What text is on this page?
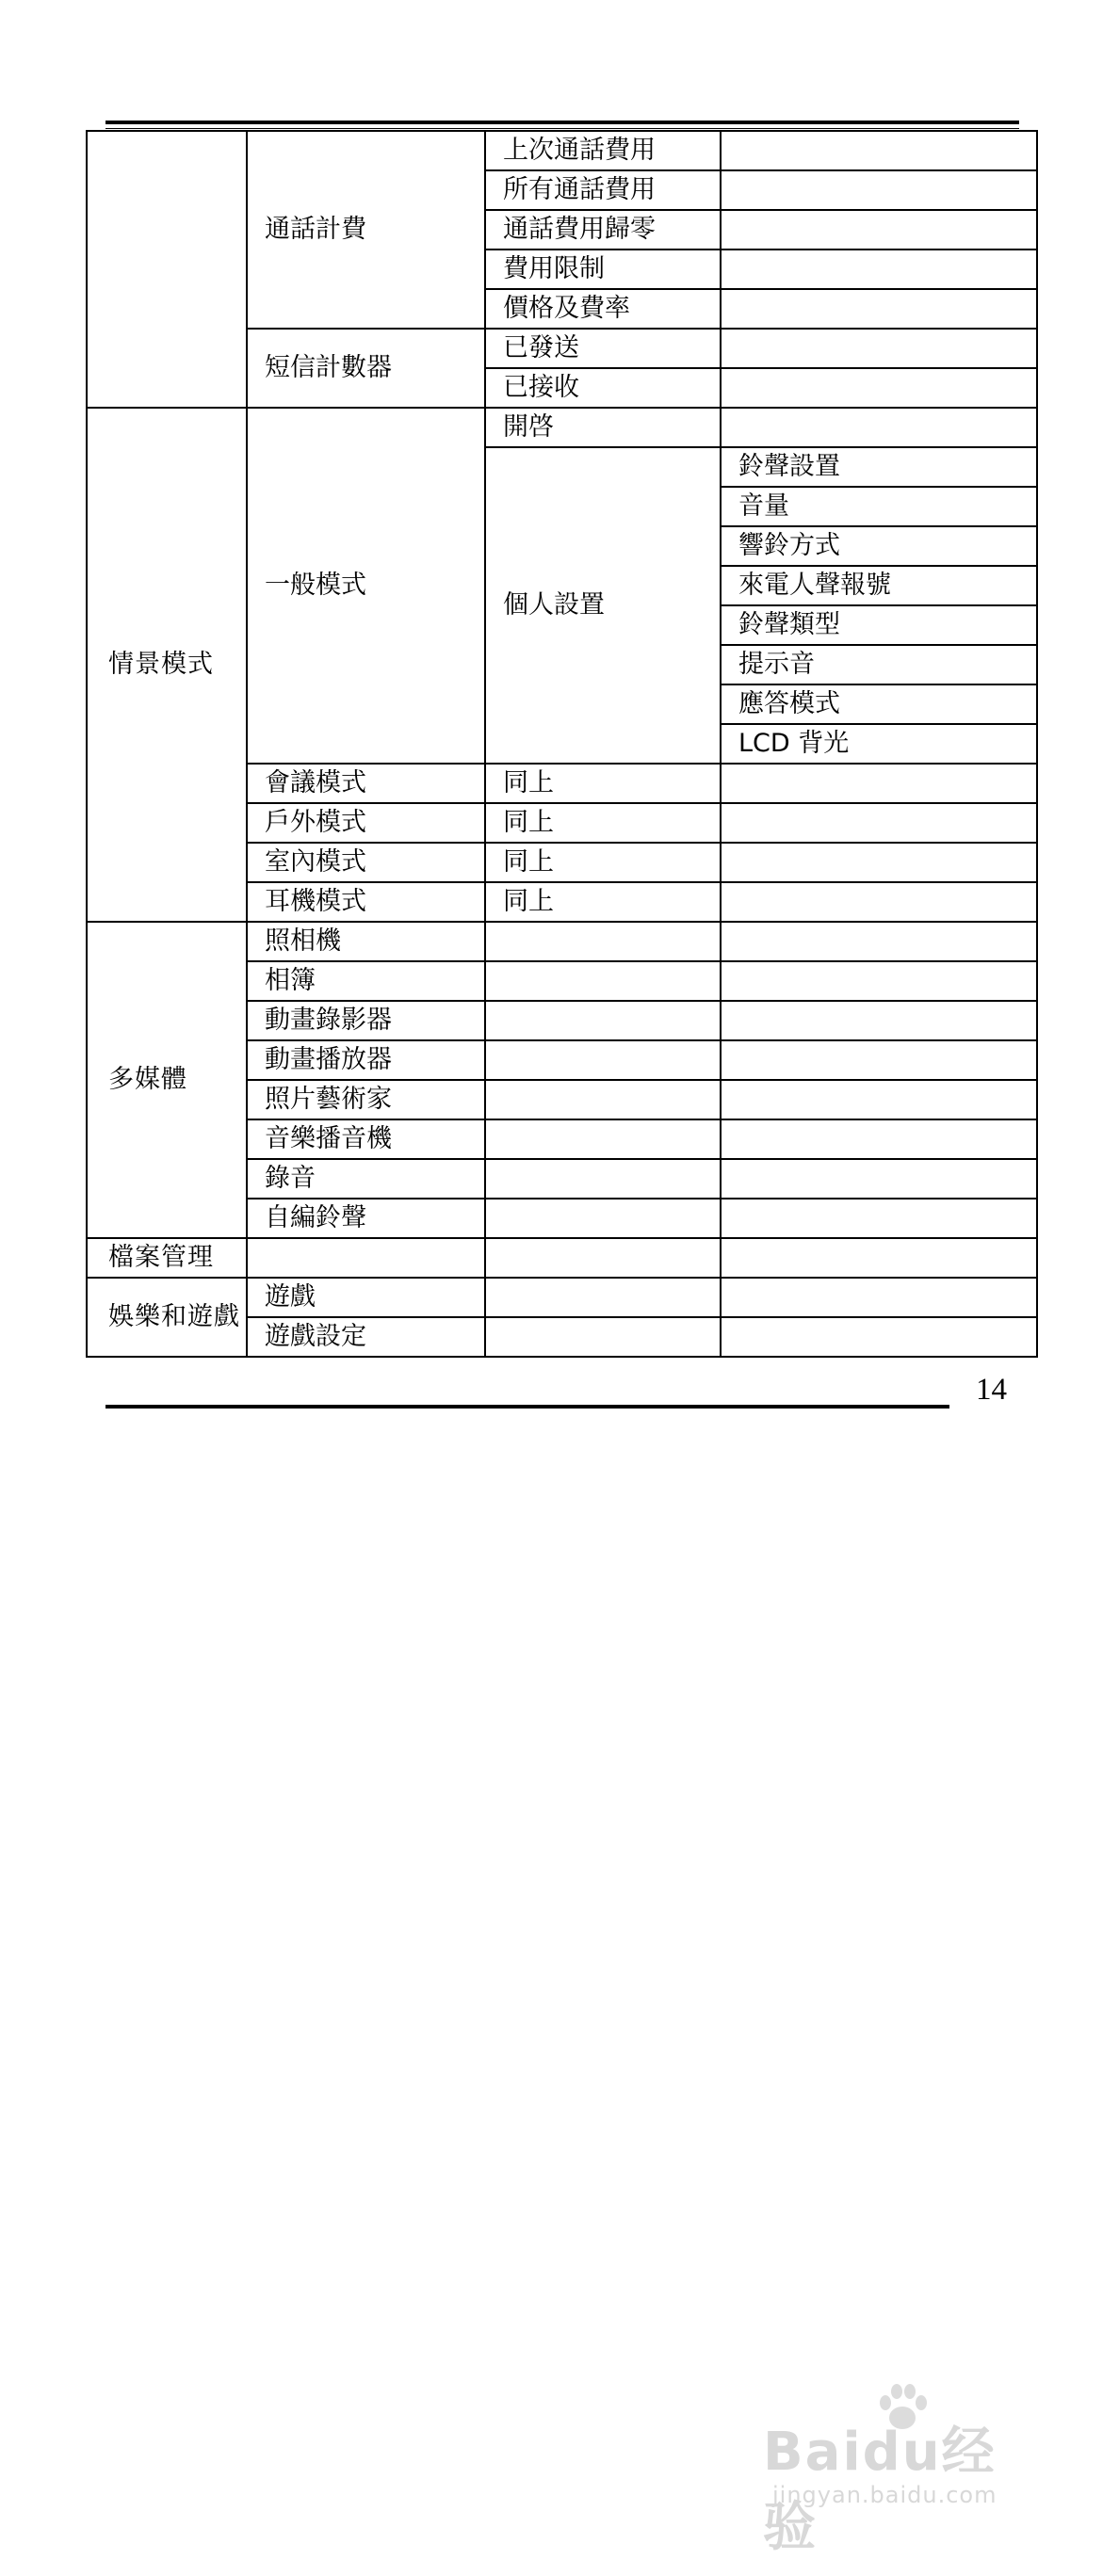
	通話計費	上次通話費用	
		所有通話費用	
		通話費用歸零	
		費用限制	
		價格及費率	
	短信計數器	已發送	
		已接收	
情景模式	一般模式	開啓	
		個人設置	鈴聲設置
			音量
			響鈴方式
			來電人聲報號
			鈴聲類型
			提示音
			應答模式
			LCD 背光
	會議模式	同上	
	戶外模式	同上	
	室內模式	同上	
	耳機模式	同上	
多媒體	照相機		
	相簿		
	動畫錄影器		
	動畫播放器		
	照片藝術家		
	音樂播音機		
	錄音		
	自編鈴聲		
檔案管理			
娛樂和遊戲	遊戲		
	遊戲設定		
14
Baidu经验
jingyan.baidu.com
